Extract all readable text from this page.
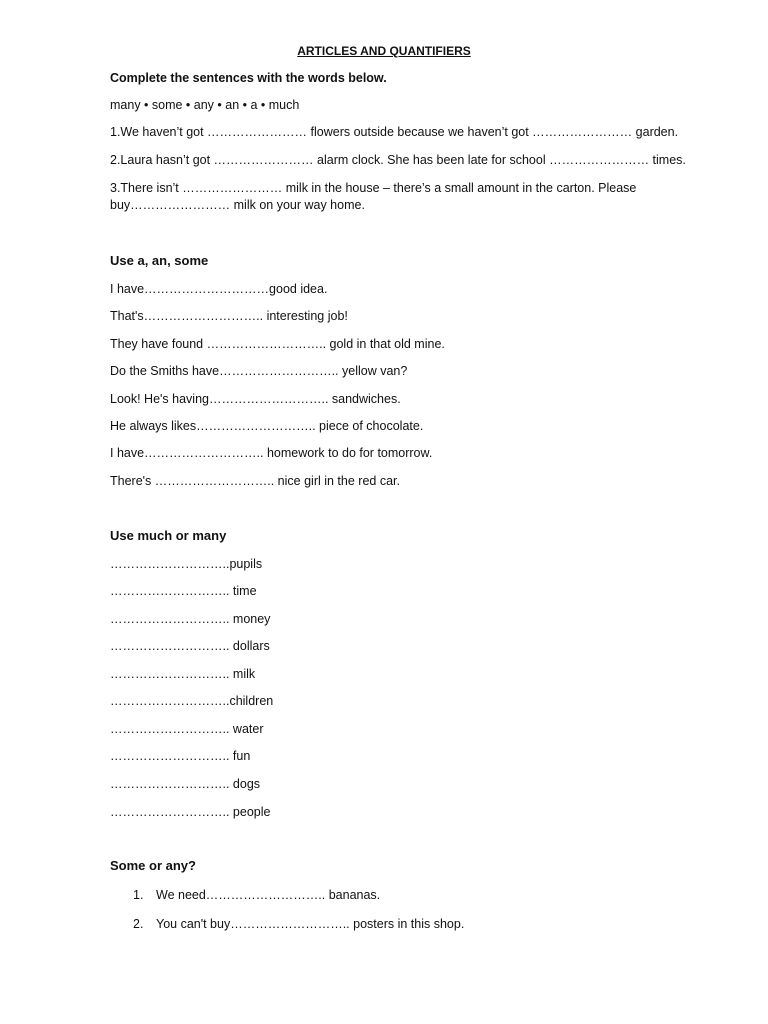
ARTICLES AND QUANTIFIERS
Complete the sentences with the words below.
many • some • any • an • a • much
1.We haven’t got …………………… flowers outside because we haven’t got …………………… garden.
2.Laura hasn’t got …………………… alarm clock. She has been late for school …………………… times.
3.There isn’t …………………… milk in the house – there’s a small amount in the carton. Please
buy…………………… milk on your way home.
Use a, an, some
I have…………………………good idea.
That's……………………….. interesting job!
They have found ……………………….. gold in that old mine.
Do the Smiths have……………………….. yellow van?
Look! He's having……………………….. sandwiches.
He always likes……………………….. piece of chocolate.
I have……………………….. homework to do for tomorrow.
There's ……………………….. nice girl in the red car.
Use much or many
………………………..pupils
……………………….. time
……………………….. money
……………………….. dollars
……………………….. milk
………………………..children
……………………….. water
……………………….. fun
……………………….. dogs
……………………….. people
Some or any?
1. We need……………………….. bananas.
2. You can't buy……………………….. posters in this shop.
